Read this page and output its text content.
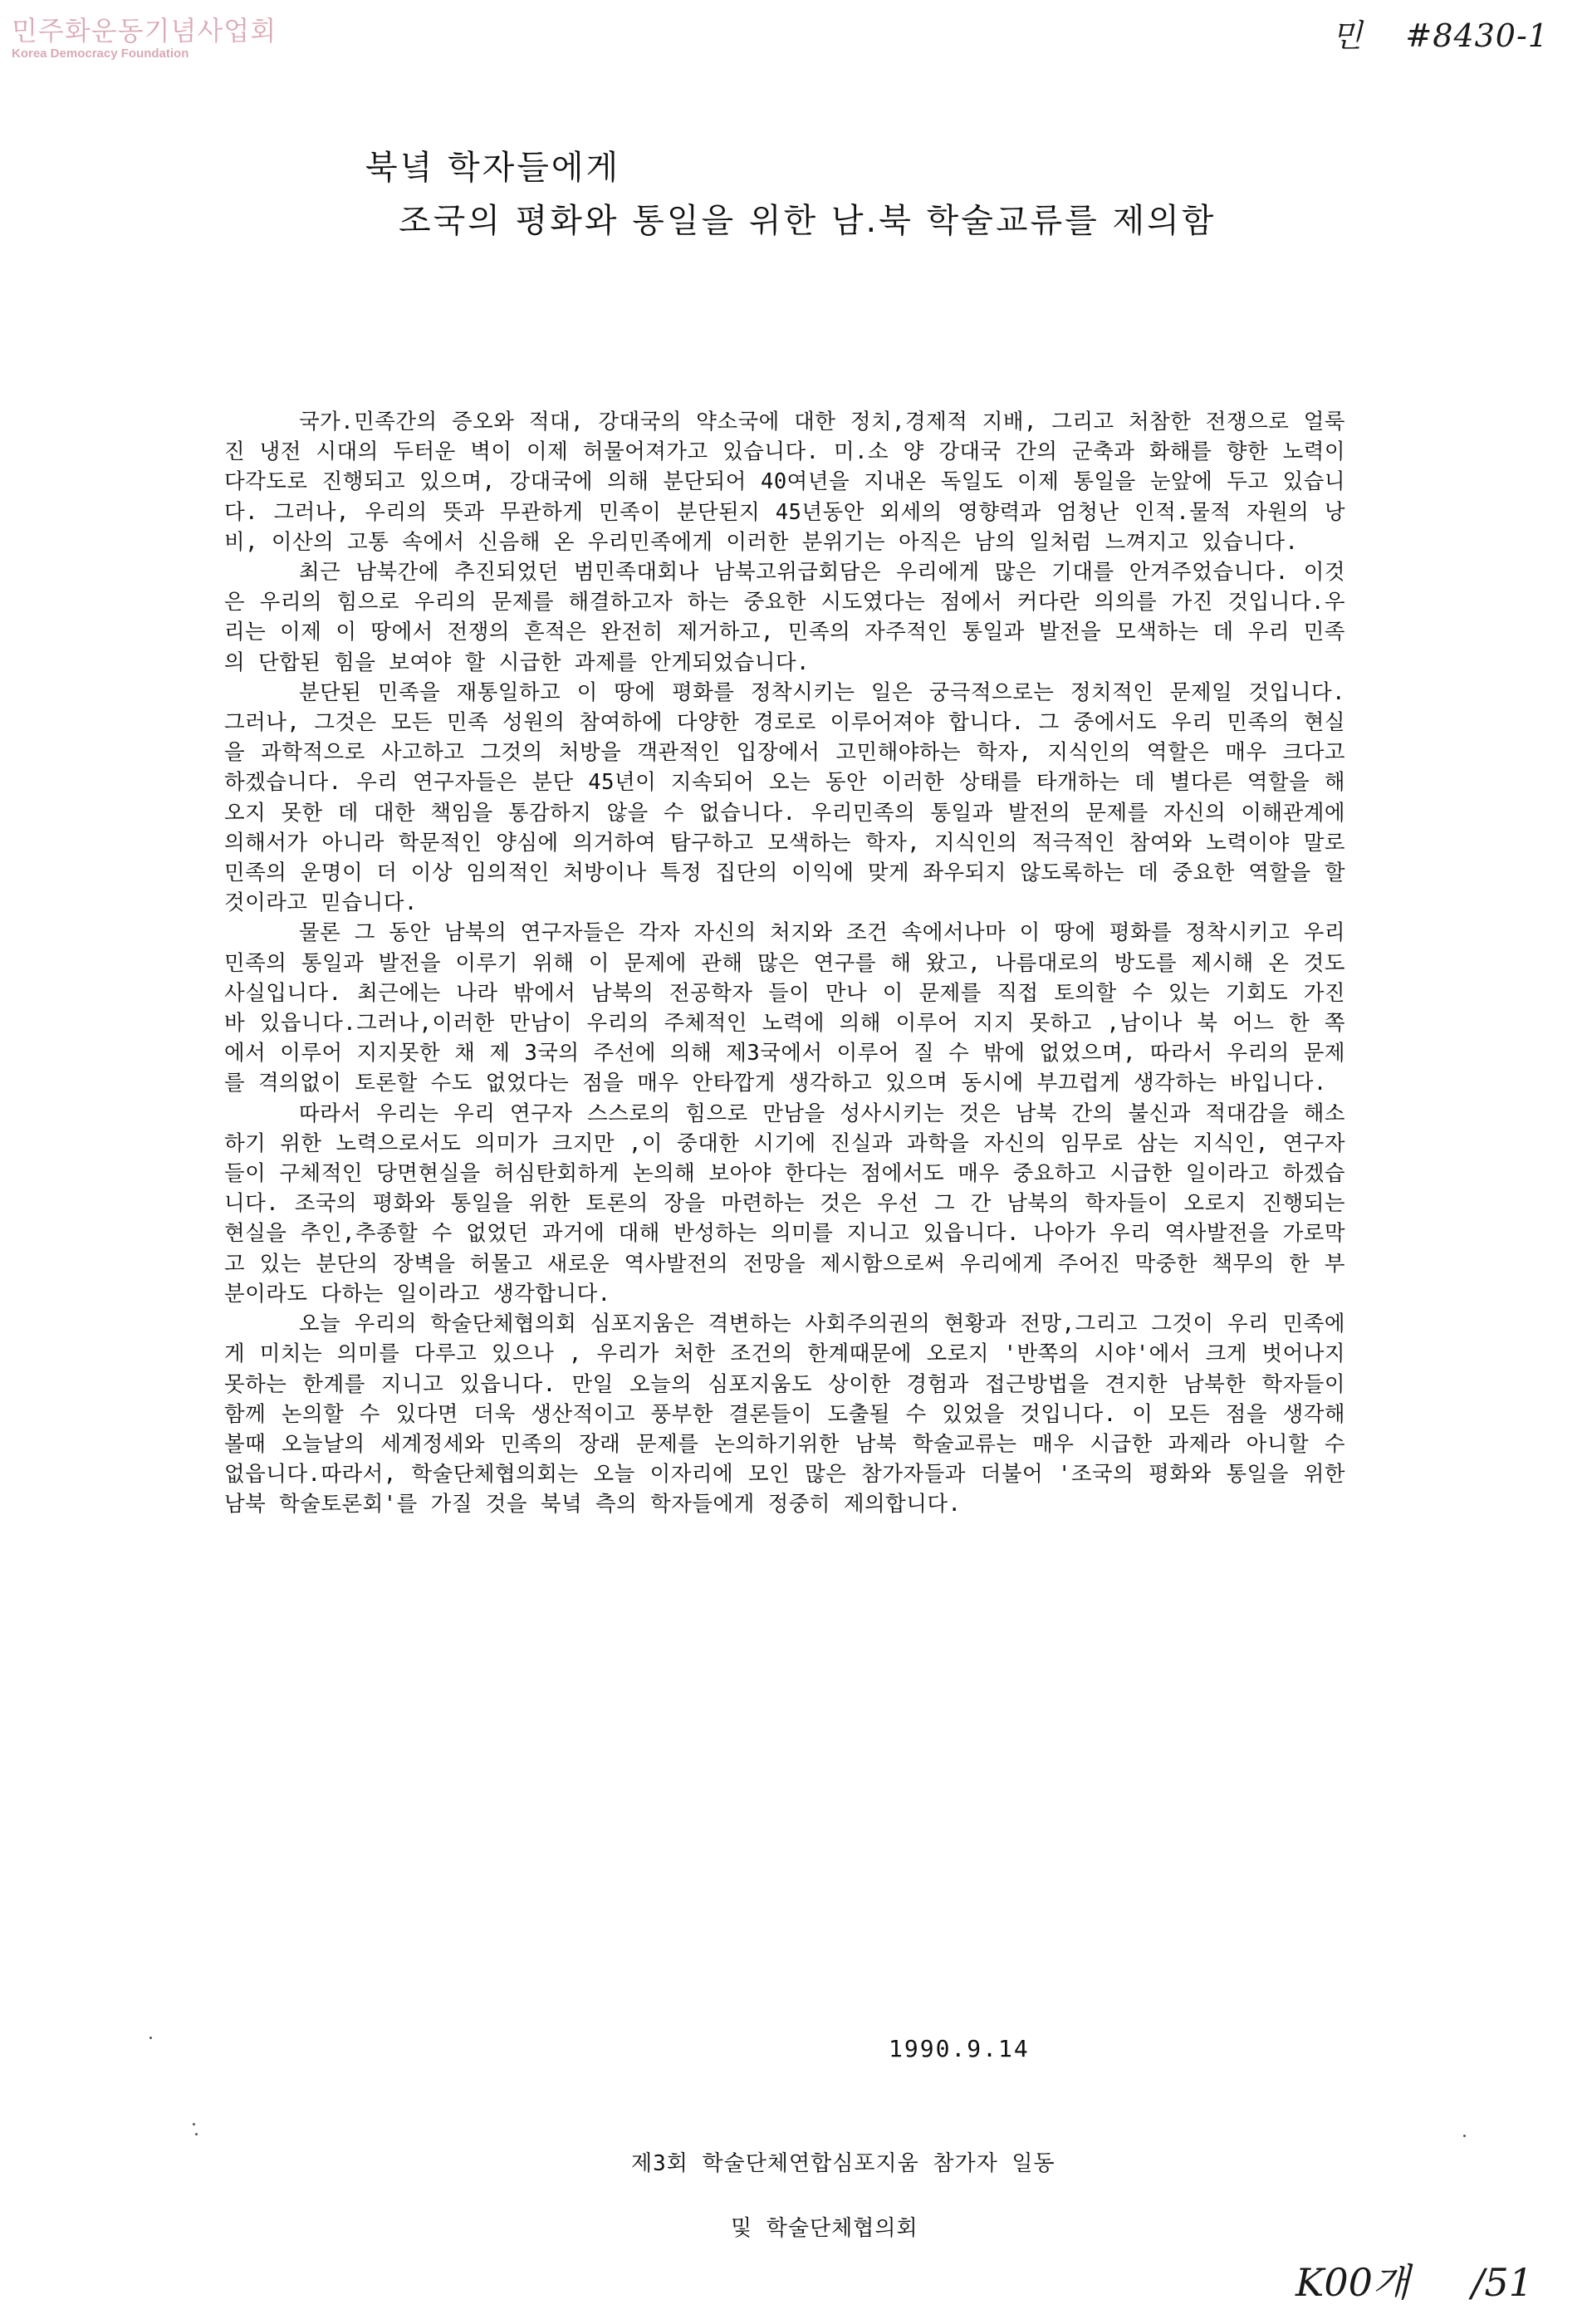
민주화운동기념사업회
Korea Democracy Foundation	민 #8430-1
북녘 학자들에게
조국의 평화와 통일을 위한 남.북 학술교류를 제의함

국가.민족간의 증오와 적대, 강대국의 약소국에 대한 정치,경제적 지배, 그리고 처참한 전쟁으로 얼룩진 냉전 시대의 두터운 벽이 이제 허물어져가고 있습니다. 미.소 양 강대국 간의 군축과 화해를 향한 노력이 다각도로 진행되고 있으며, 강대국에 의해 분단되어 40여년을 지내온 독일도 이제 통일을 눈앞에 두고 있습니다. 그러나, 우리의 뜻과 무관하게 민족이 분단된지 45년동안 외세의 영향력과 엄청난 인적.물적 자원의 낭비, 이산의 고통 속에서 신음해 온 우리민족에게 이러한 분위기는 아직은 남의 일처럼 느껴지고 있습니다.

최근 남북간에 추진되었던 범민족대회나 남북고위급회담은 우리에게 많은 기대를 안겨주었습니다. 이것은 우리의 힘으로 우리의 문제를 해결하고자 하는 중요한 시도였다는 점에서 커다란 의의를 가진 것입니다.우리는 이제 이 땅에서 전쟁의 흔적은 완전히 제거하고, 민족의 자주적인 통일과 발전을 모색하는 데 우리 민족의 단합된 힘을 보여야 할 시급한 과제를 안게되었습니다.

분단된 민족을 재통일하고 이 땅에 평화를 정착시키는 일은 궁극적으로는 정치적인 문제일 것입니다. 그러나, 그것은 모든 민족 성원의 참여하에 다양한 경로로 이루어져야 합니다. 그 중에서도 우리 민족의 현실을 과학적으로 사고하고 그것의 처방을 객관적인 입장에서 고민해야하는 학자, 지식인의 역할은 매우 크다고 하겠습니다. 우리 연구자들은 분단 45년이 지속되어 오는 동안 이러한 상태를 타개하는 데 별다른 역할을 해오지 못한 데 대한 책임을 통감하지 않을 수 없습니다. 우리민족의 통일과 발전의 문제를 자신의 이해관계에 의해서가 아니라 학문적인 양심에 의거하여 탐구하고 모색하는 학자, 지식인의 적극적인 참여와 노력이야 말로 민족의 운명이 더 이상 임의적인 처방이나 특정 집단의 이익에 맞게 좌우되지 않도록하는 데 중요한 역할을 할 것이라고 믿습니다.

물론 그 동안 남북의 연구자들은 각자 자신의 처지와 조건 속에서나마 이 땅에 평화를 정착시키고 우리민족의 통일과 발전을 이루기 위해 이 문제에 관해 많은 연구를 해 왔고, 나름대로의 방도를 제시해 온 것도 사실입니다. 최근에는 나라 밖에서 남북의 전공학자 들이 만나 이 문제를 직접 토의할 수 있는 기회도 가진 바 있읍니다.그러나,이러한 만남이 우리의 주체적인 노력에 의해 이루어 지지 못하고 ,남이나 북 어느 한 쪽에서 이루어 지지못한 채 제 3국의 주선에 의해 제3국에서 이루어 질 수 밖에 없었으며, 따라서 우리의 문제를 격의없이 토론할 수도 없었다는 점을 매우 안타깝게 생각하고 있으며 동시에 부끄럽게 생각하는 바입니다.

따라서 우리는 우리 연구자 스스로의 힘으로 만남을 성사시키는 것은 남북 간의 불신과 적대감을 해소하기 위한 노력으로서도 의미가 크지만 ,이 중대한 시기에 진실과 과학을 자신의 임무로 삼는 지식인, 연구자들이 구체적인 당면현실을 허심탄회하게 논의해 보아야 한다는 점에서도 매우 중요하고 시급한 일이라고 하겠습니다. 조국의 평화와 통일을 위한 토론의 장을 마련하는 것은 우선 그 간 남북의 학자들이 오로지 진행되는 현실을 추인,추종할 수 없었던 과거에 대해 반성하는 의미를 지니고 있읍니다. 나아가 우리 역사발전을 가로막고 있는 분단의 장벽을 허물고 새로운 역사발전의 전망을 제시함으로써 우리에게 주어진 막중한 책무의 한 부분이라도 다하는 일이라고 생각합니다.

오늘 우리의 학술단체협의회 심포지움은 격변하는 사회주의권의 현황과 전망,그리고 그것이 우리 민족에게 미치는 의미를 다루고 있으나 , 우리가 처한 조건의 한계때문에 오로지 '반쪽의 시야'에서 크게 벗어나지 못하는 한계를 지니고 있읍니다. 만일 오늘의 심포지움도 상이한 경험과 접근방법을 견지한 남북한 학자들이 함께 논의할 수 있다면 더욱 생산적이고 풍부한 결론들이 도출될 수 있었을 것입니다. 이 모든 점을 생각해 볼때 오늘날의 세계정세와 민족의 장래 문제를 논의하기위한 남북 학술교류는 매우 시급한 과제라 아니할 수 없읍니다.따라서, 학술단체협의회는 오늘 이자리에 모인 많은 참가자들과 더불어 '조국의 평화와 통일을 위한 남북 학술토론회'를 가질 것을 북녘 측의 학자들에게 정중히 제의합니다.

1990.9.14
제3회 학술단체연합심포지움 참가자 일동
및 학술단체협의회
K00개 /51
